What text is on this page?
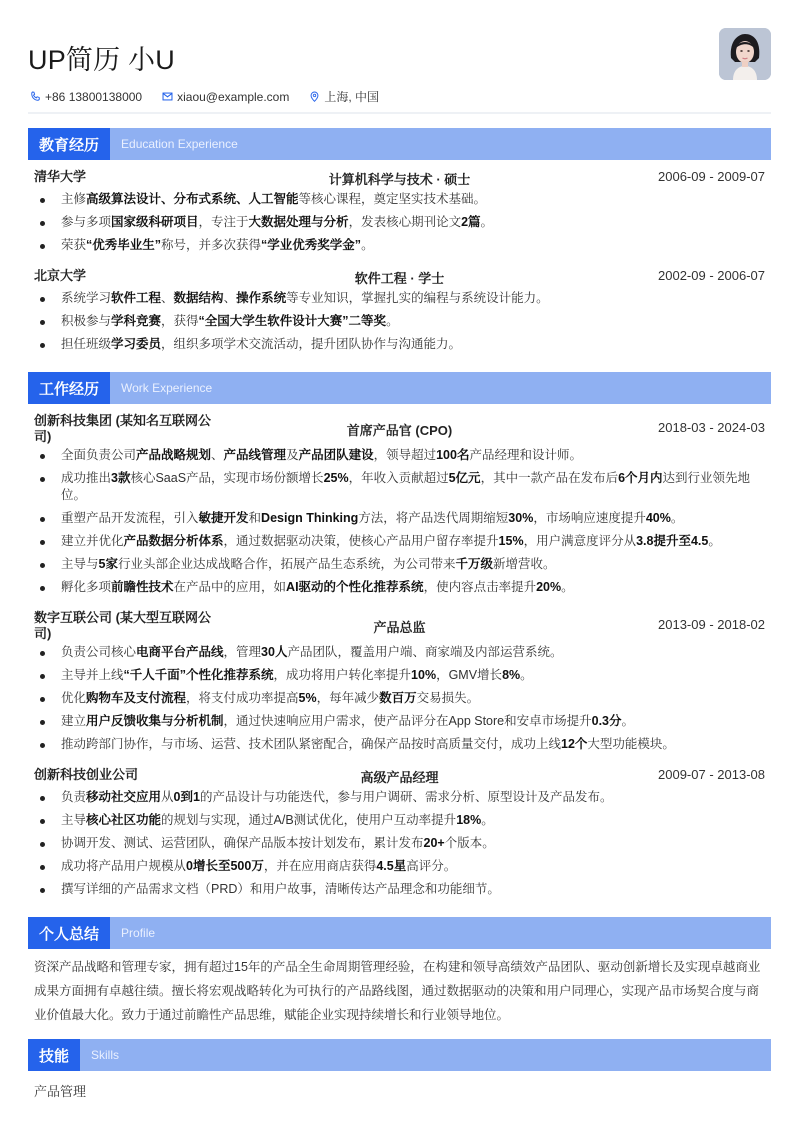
UP简历 小U
+86 13800138000	xiaou@example.com	上海, 中国
教育经历	Education Experience
清华大学	计算机科学与技术 · 硕士	2006-09 - 2009-07
主修高级算法设计、分布式系统、人工智能等核心课程，奠定坚实技术基础。
参与多项国家级科研项目，专注于大数据处理与分析，发表核心期刊论文2篇。
荣获“优秀毕业生”称号，并多次获得“学业优秀奖学金”。
北京大学	软件工程 · 学士	2002-09 - 2006-07
系统学习软件工程、数据结构、操作系统等专业知识，掌握扎实的编程与系统设计能力。
积极参与学科竞赛，获得“全国大学生软件设计大赛”二等奖。
担任班级学习委员，组织多项学术交流活动，提升团队协作与沟通能力。
工作经历	Work Experience
创新科技集团 (某知名互联网公司)	首席产品官 (CPO)	2018-03 - 2024-03
全面负责公司产品战略规划、产品线管理及产品团队建设，领导超过100名产品经理和设计师。
成功推出3款核心SaaS产品，实现市场份额增长25%，年收入贡献超过5亿元，其中一款产品在发布后6个月内达到行业领先地位。
重塑产品开发流程，引入敏捷开发和Design Thinking方法，将产品迭代周期缩短30%，市场响应速度提升40%。
建立并优化产品数据分析体系，通过数据驱动决策，使核心产品用户留存率提升15%，用户满意度评分从3.8提升至4.5。
主导与5家行业头部企业达成战略合作，拓展产品生态系统，为公司带来千万级新增营收。
孵化多项前瞻性技术在产品中的应用，如AI驱动的个性化推荐系统，使内容点击率提升20%。
数字互联公司 (某大型互联网公司)	产品总监	2013-09 - 2018-02
负责公司核心电商平台产品线，管理30人产品团队，覆盖用户端、商家端及内部运营系统。
主导并上线“千人千面”个性化推荐系统，成功将用户转化率提升10%，GMV增长8%。
优化购物车及支付流程，将支付成功率提高5%，每年减少数百万交易损失。
建立用户反馈收集与分析机制，通过快速响应用户需求，使产品评分在App Store和安卓市场提升0.3分。
推动跨部门协作，与市场、运营、技术团队紧密配合，确保产品按时高质量交付，成功上线12个大型功能模块。
创新科技创业公司	高级产品经理	2009-07 - 2013-08
负责移动社交应用从0到1的产品设计与功能迭代，参与用户调研、需求分析、原型设计及产品发布。
主导核心社区功能的规划与实现，通过A/B测试优化，使用户互动率提升18%。
协调开发、测试、运营团队，确保产品版本按计划发布，累计发布20+个版本。
成功将产品用户规模从0增长至500万，并在应用商店获得4.5星高评分。
撰写详细的产品需求文档（PRD）和用户故事，清晰传达产品理念和功能细节。
个人总结	Profile
资深产品战略和管理专家，拥有超过15年的产品全生命周期管理经验，在构建和领导高绩效产品团队、驱动创新增长及实现卓越商业成果方面拥有卓越往绩。擅长将宏观战略转化为可执行的产品路线图，通过数据驱动的决策和用户同理心，实现产品市场契合度与商业价值最大化。致力于通过前瞻性产品思维，赋能企业实现持续增长和行业领导地位。
技能	Skills
产品管理
